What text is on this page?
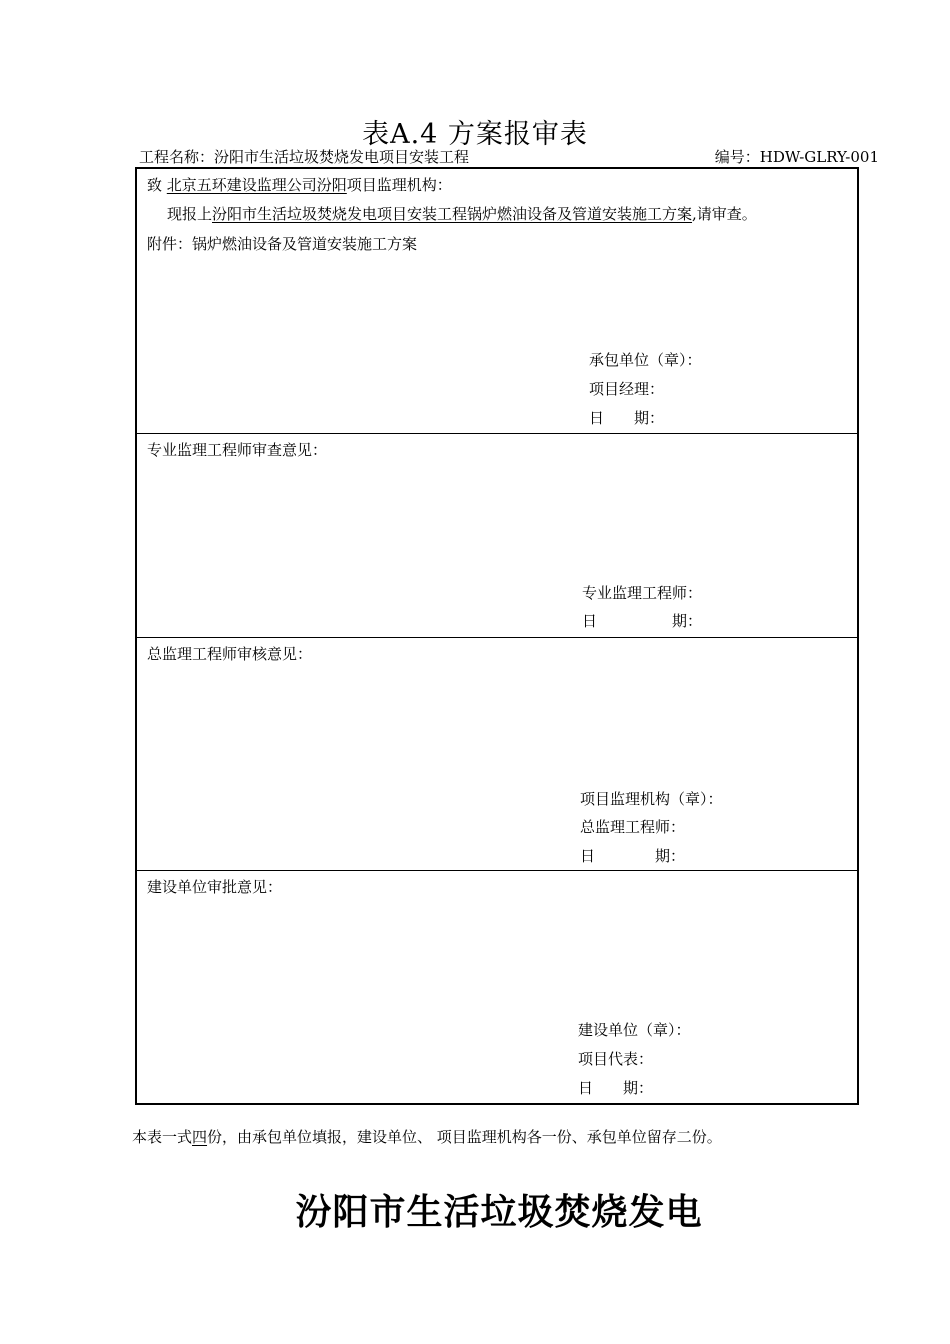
表A.4 方案报审表
工程名称：汾阳市生活垃圾焚烧发电项目安装工程	编号：HDW-GLRY-001
致 北京五环建设监理公司汾阳项目监理机构：
现报上汾阳市生活垃圾焚烧发电项目安装工程锅炉燃油设备及管道安装施工方案,请审查。
附件：锅炉燃油设备及管道安装施工方案
承包单位（章）：
项目经理：
日　　期：
专业监理工程师审查意见：
专业监理工程师：
日　　　　　期：
总监理工程师审核意见：
项目监理机构（章）：
总监理工程师：
日　　　　期：
建设单位审批意见：
建设单位（章）：
项目代表：
日　　期：
本表一式四份，由承包单位填报，建设单位、 项目监理机构各一份、承包单位留存二份。
汾阳市生活垃圾焚烧发电
